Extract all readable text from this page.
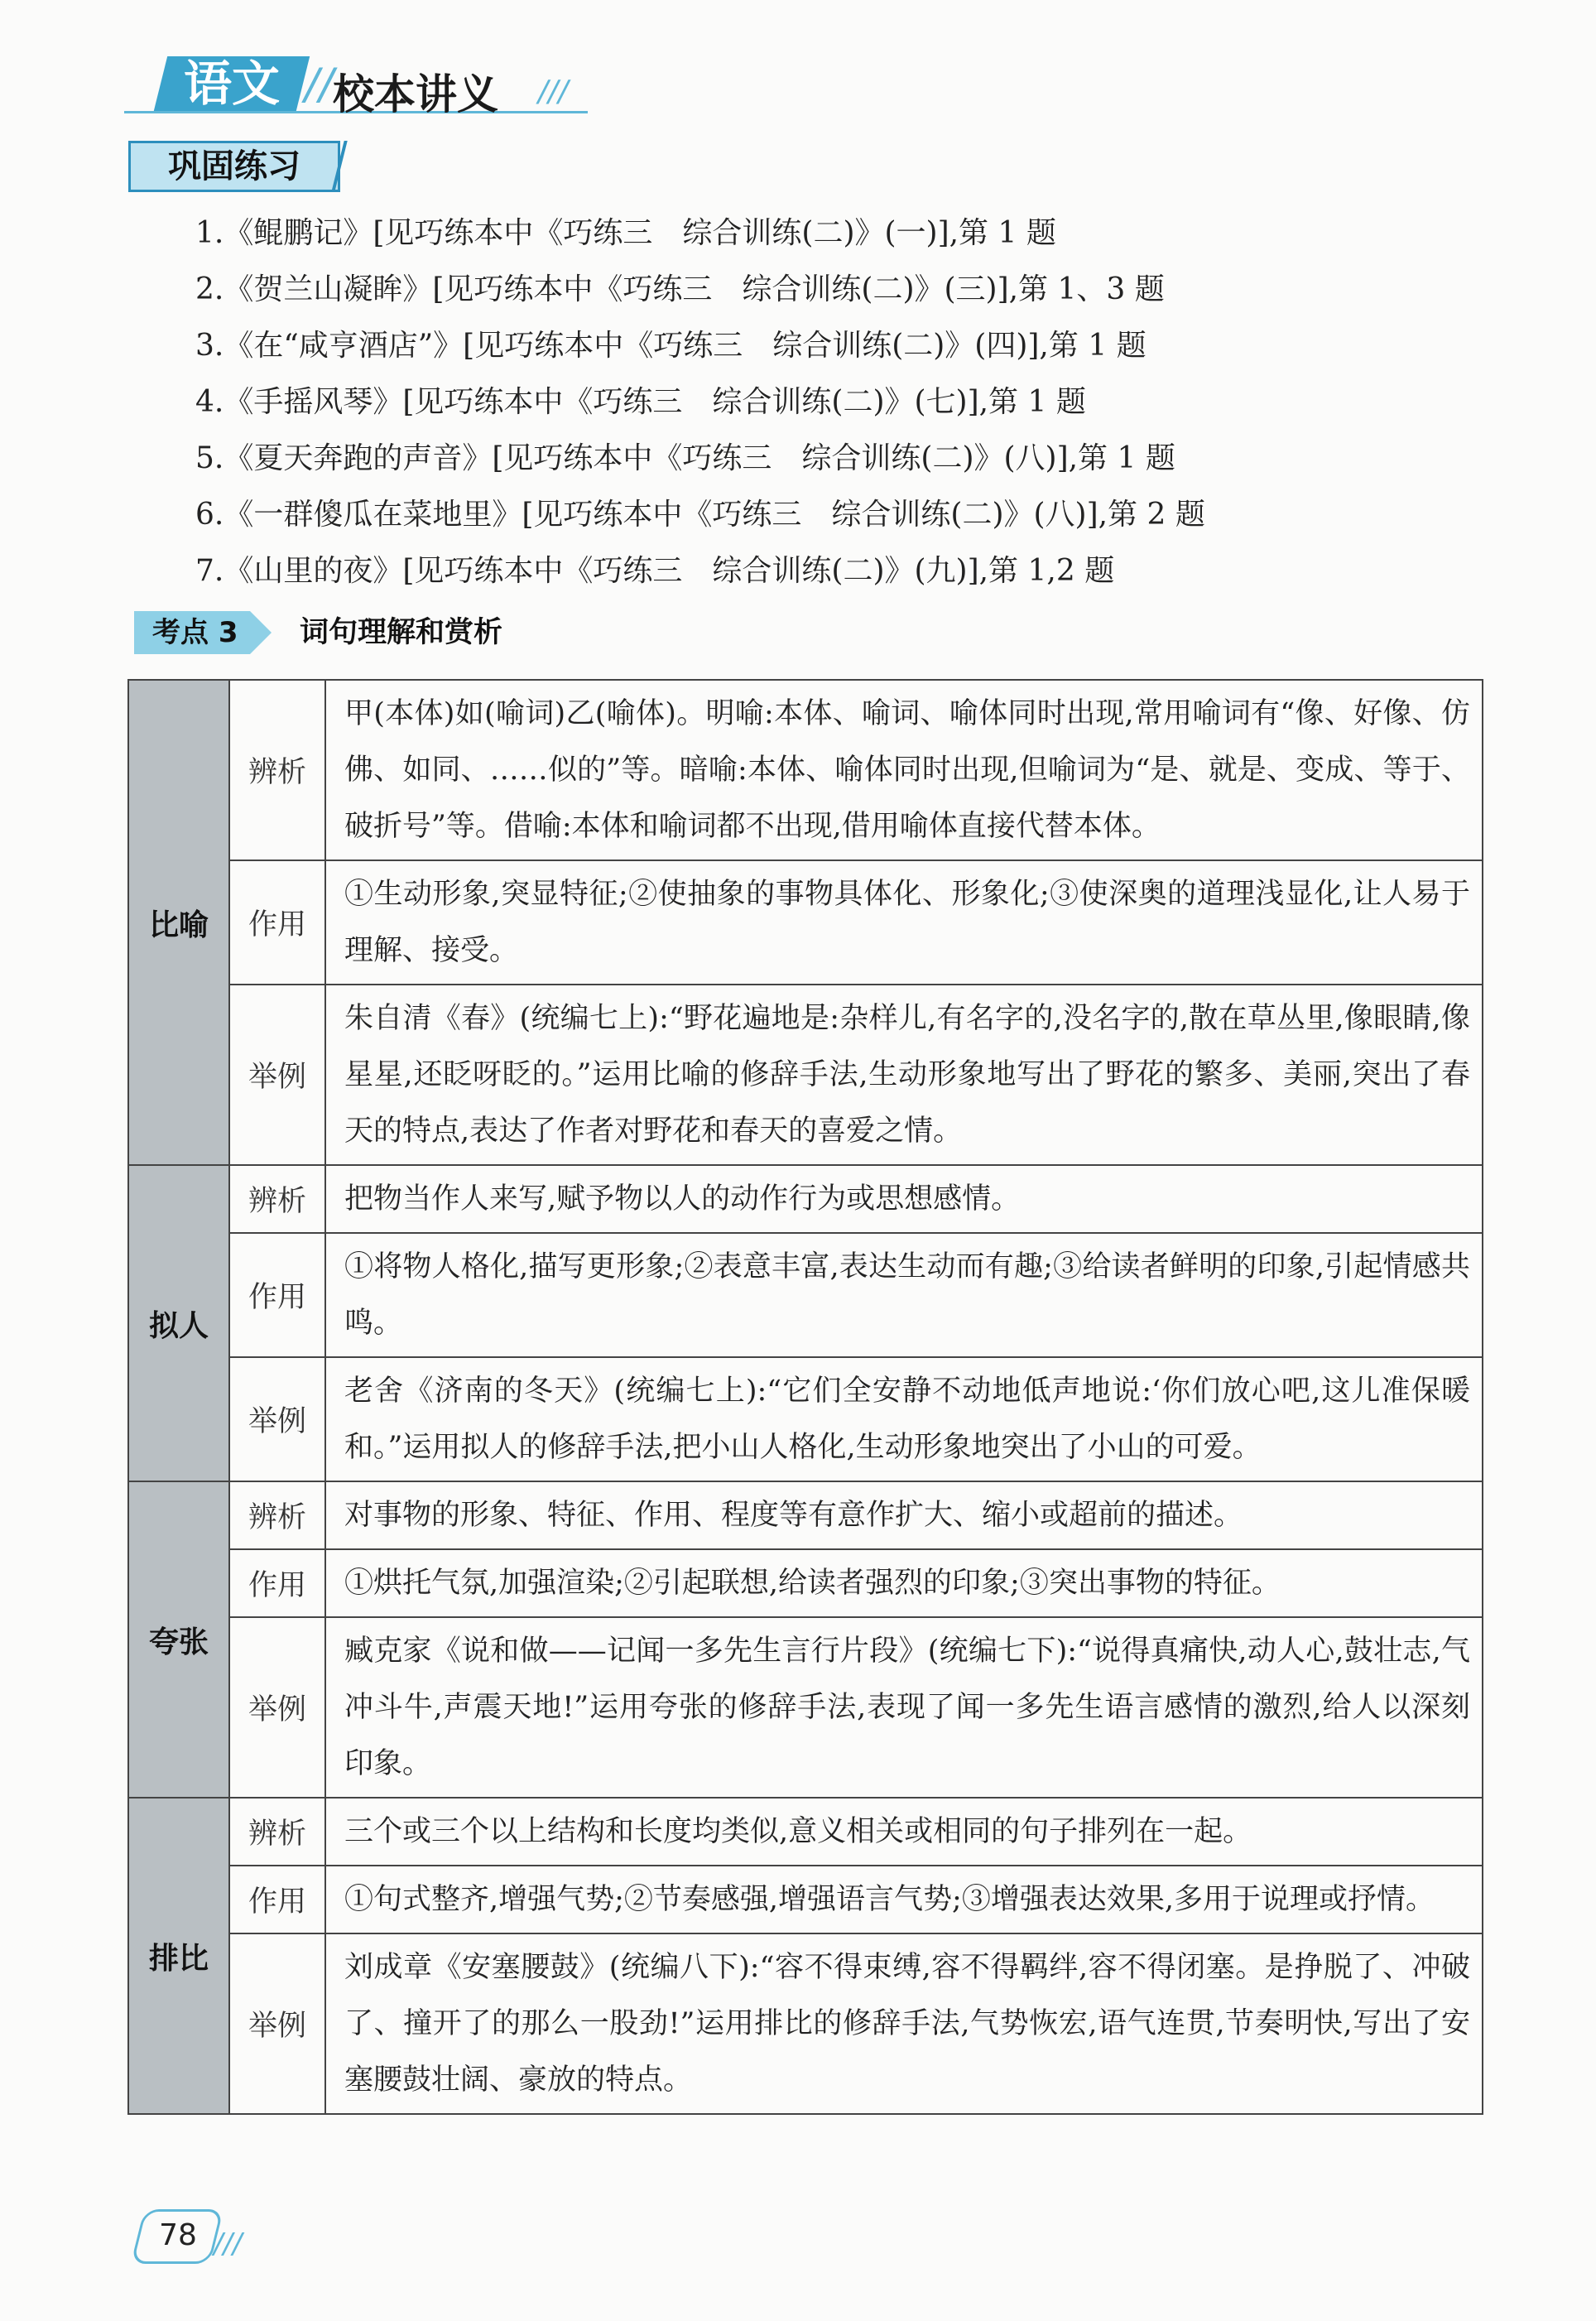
语文 //
校本讲义 ///
巩固练习
1.《鲲鹏记》[见巧练本中《巧练三　综合训练(二)》(一)],第 1 题
2.《贺兰山凝眸》[见巧练本中《巧练三　综合训练(二)》(三)],第 1、3 题
3.《在“咸亨酒店”》[见巧练本中《巧练三　综合训练(二)》(四)],第 1 题
4.《手摇风琴》[见巧练本中《巧练三　综合训练(二)》(七)],第 1 题
5.《夏天奔跑的声音》[见巧练本中《巧练三　综合训练(二)》(八)],第 1 题
6.《一群傻瓜在菜地里》[见巧练本中《巧练三　综合训练(二)》(八)],第 2 题
7.《山里的夜》[见巧练本中《巧练三　综合训练(二)》(九)],第 1,2 题
考点 3	词句理解和赏析
比喻	辨析	甲(本体)如(喻词)乙(喻体)。明喻:本体、喻词、喻体同时出现,常用喻词有“像、好像、仿佛、如同、……似的”等。暗喻:本体、喻体同时出现,但喻词为“是、就是、变成、等于、破折号”等。借喻:本体和喻词都不出现,借用喻体直接代替本体。
	作用	①生动形象,突显特征;②使抽象的事物具体化、形象化;③使深奥的道理浅显化,让人易于理解、接受。
	举例	朱自清《春》(统编七上):“野花遍地是:杂样儿,有名字的,没名字的,散在草丛里,像眼睛,像星星,还眨呀眨的。”运用比喻的修辞手法,生动形象地写出了野花的繁多、美丽,突出了春天的特点,表达了作者对野花和春天的喜爱之情。
拟人	辨析	把物当作人来写,赋予物以人的动作行为或思想感情。
	作用	①将物人格化,描写更形象;②表意丰富,表达生动而有趣;③给读者鲜明的印象,引起情感共鸣。
	举例	老舍《济南的冬天》(统编七上):“它们全安静不动地低声地说:‘你们放心吧,这儿准保暖和。”运用拟人的修辞手法,把小山人格化,生动形象地突出了小山的可爱。
夸张	辨析	对事物的形象、特征、作用、程度等有意作扩大、缩小或超前的描述。
	作用	①烘托气氛,加强渲染;②引起联想,给读者强烈的印象;③突出事物的特征。
	举例	臧克家《说和做——记闻一多先生言行片段》(统编七下):“说得真痛快,动人心,鼓壮志,气冲斗牛,声震天地!”运用夸张的修辞手法,表现了闻一多先生语言感情的激烈,给人以深刻印象。
排比	辨析	三个或三个以上结构和长度均类似,意义相关或相同的句子排列在一起。
	作用	①句式整齐,增强气势;②节奏感强,增强语言气势;③增强表达效果,多用于说理或抒情。
	举例	刘成章《安塞腰鼓》(统编八下):“容不得束缚,容不得羁绊,容不得闭塞。是挣脱了、冲破了、撞开了的那么一股劲!”运用排比的修辞手法,气势恢宏,语气连贯,节奏明快,写出了安塞腰鼓壮阔、豪放的特点。
78 ///
